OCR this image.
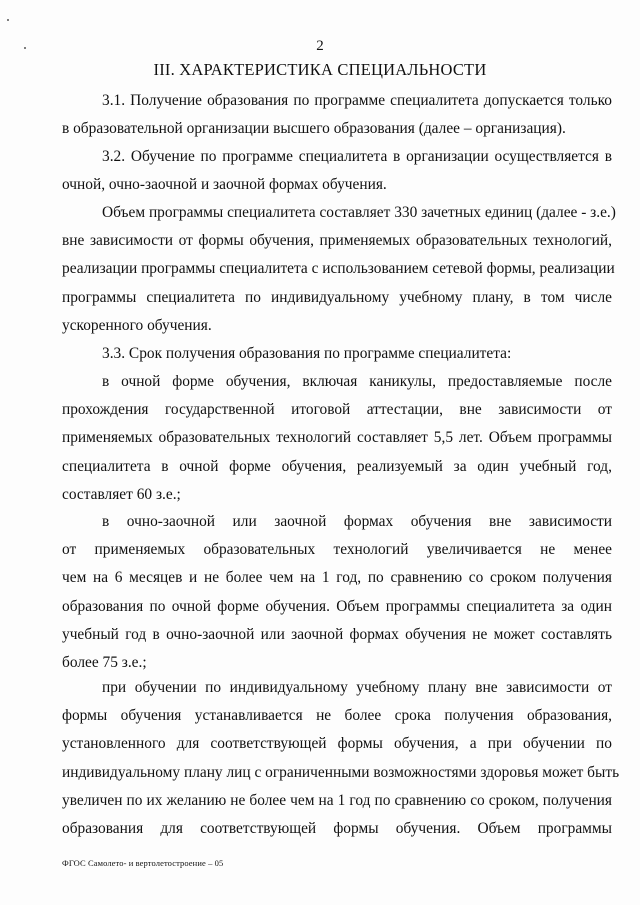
2
III. ХАРАКТЕРИСТИКА СПЕЦИАЛЬНОСТИ
3.1. Получение образования по программе специалитета допускается только
в образовательной организации высшего образования (далее – организация).
3.2. Обучение по программе специалитета в организации осуществляется в
очной, очно-заочной и заочной формах обучения.
Объем программы специалитета составляет 330 зачетных единиц (далее - з.е.)
вне зависимости от формы обучения, применяемых образовательных технологий,
реализации программы специалитета с использованием сетевой формы, реализации
программы специалитета по индивидуальному учебному плану, в том числе
ускоренного обучения.
3.3. Срок получения образования по программе специалитета:
в очной форме обучения, включая каникулы, предоставляемые после
прохождения государственной итоговой аттестации, вне зависимости от
применяемых образовательных технологий составляет 5,5 лет. Объем программы
специалитета в очной форме обучения, реализуемый за один учебный год,
составляет 60 з.е.;
в очно-заочной или заочной формах обучения вне зависимости
от применяемых образовательных технологий увеличивается не менее
чем на 6 месяцев и не более чем на 1 год, по сравнению со сроком получения
образования по очной форме обучения. Объем программы специалитета за один
учебный год в очно-заочной или заочной формах обучения не может составлять
более 75 з.е.;
при обучении по индивидуальному учебному плану вне зависимости от
формы обучения устанавливается не более срока получения образования,
установленного для соответствующей формы обучения, а при обучении по
индивидуальному плану лиц с ограниченными возможностями здоровья может быть
увеличен по их желанию не более чем на 1 год по сравнению со сроком, получения
образования для соответствующей формы обучения. Объем программы
ФГОС Самолето- и вертолетостроение – 05
